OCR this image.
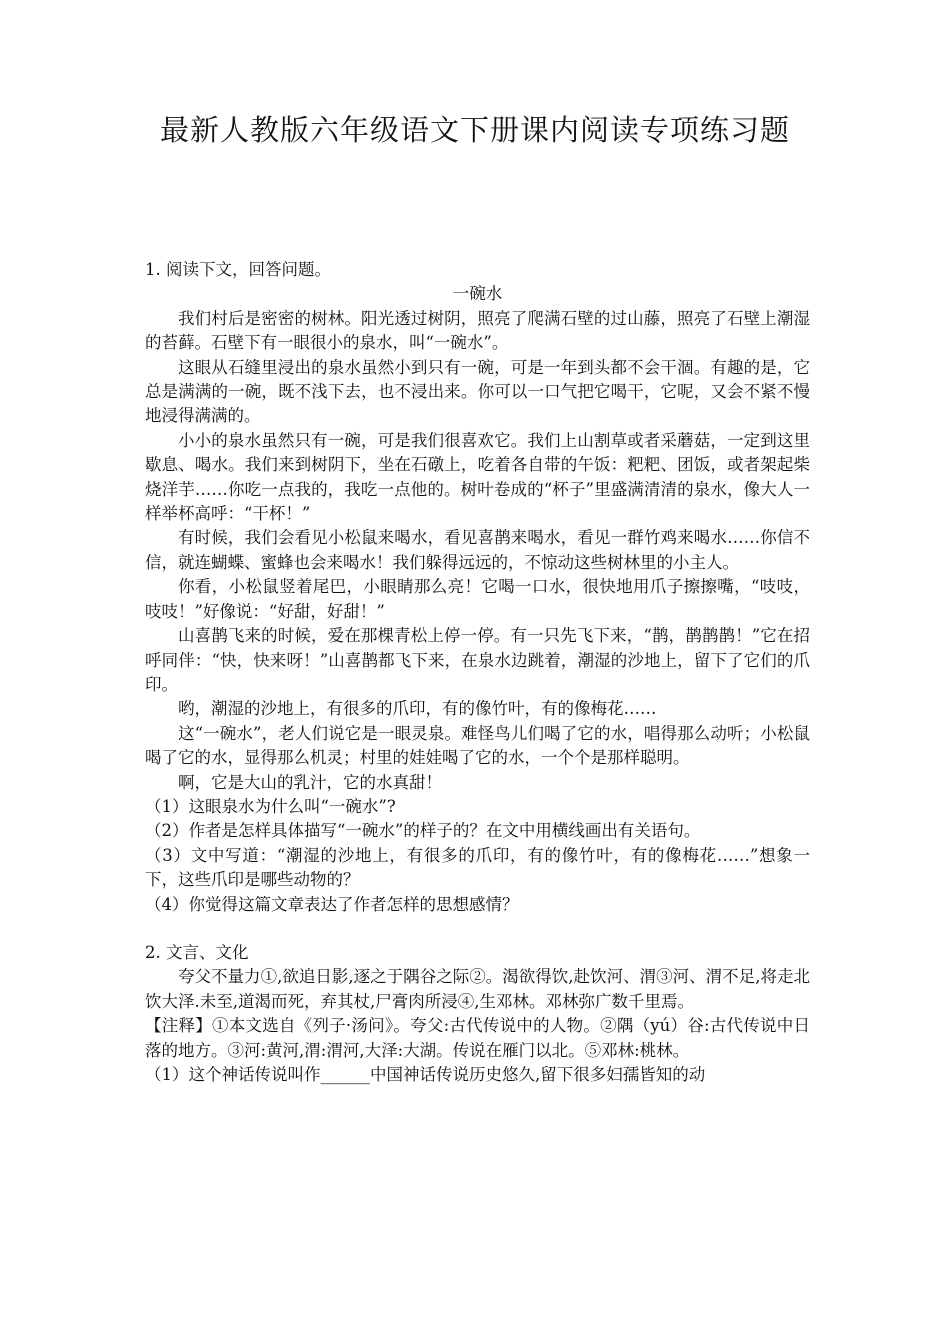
最新人教版六年级语文下册课内阅读专项练习题

1. 阅读下文，回答问题。

一碗水

我们村后是密密的树林。阳光透过树阴，照亮了爬满石壁的过山藤，照亮了石壁上潮湿的苔藓。石壁下有一眼很小的泉水，叫“一碗水”。

这眼从石缝里浸出的泉水虽然小到只有一碗，可是一年到头都不会干涸。有趣的是，它总是满满的一碗，既不浅下去，也不浸出来。你可以一口气把它喝干，它呢，又会不紧不慢地浸得满满的。

小小的泉水虽然只有一碗，可是我们很喜欢它。我们上山割草或者采蘑菇，一定到这里歇息、喝水。我们来到树阴下，坐在石礅上，吃着各自带的午饭：粑粑、团饭，或者架起柴烧洋芋……你吃一点我的，我吃一点他的。树叶卷成的“杯子”里盛满清清的泉水，像大人一样举杯高呼：“干杯！”

有时候，我们会看见小松鼠来喝水，看见喜鹊来喝水，看见一群竹鸡来喝水……你信不信，就连蝴蝶、蜜蜂也会来喝水！我们躲得远远的，不惊动这些树林里的小主人。

你看，小松鼠竖着尾巴，小眼睛那么亮！它喝一口水，很快地用爪子擦擦嘴，“吱吱，吱吱！”好像说：“好甜，好甜！”

山喜鹊飞来的时候，爱在那棵青松上停一停。有一只先飞下来，“鹊，鹊鹊鹊！”它在招呼同伴：“快，快来呀！”山喜鹊都飞下来，在泉水边跳着，潮湿的沙地上，留下了它们的爪印。

哟，潮湿的沙地上，有很多的爪印，有的像竹叶，有的像梅花……

这“一碗水”，老人们说它是一眼灵泉。难怪鸟儿们喝了它的水，唱得那么动听；小松鼠喝了它的水，显得那么机灵；村里的娃娃喝了它的水，一个个是那样聪明。

啊，它是大山的乳汁，它的水真甜！

（1）这眼泉水为什么叫“一碗水”?

（2）作者是怎样具体描写“一碗水”的样子的？在文中用横线画出有关语句。

（3）文中写道：“潮湿的沙地上，有很多的爪印，有的像竹叶，有的像梅花……”想象一下，这些爪印是哪些动物的？

（4）你觉得这篇文章表达了作者怎样的思想感情？

2. 文言、文化

夸父不量力①,欲追日影,逐之于隅谷之际②。渴欲得饮,赴饮河、渭③河、渭不足,将走北饮大泽.未至,道渴而死，弃其杖,尸膏肉所浸④,生邓林。邓林弥广数千里焉。

【注释】①本文选自《列子·汤问》。夸父:古代传说中的人物。②隅（yú）谷:古代传说中日落的地方。③河:黄河,渭:渭河,大泽:大湖。传说在雁门以北。⑤邓林:桃林。

（1）这个神话传说叫作______中国神话传说历史悠久,留下很多妇孺皆知的动
